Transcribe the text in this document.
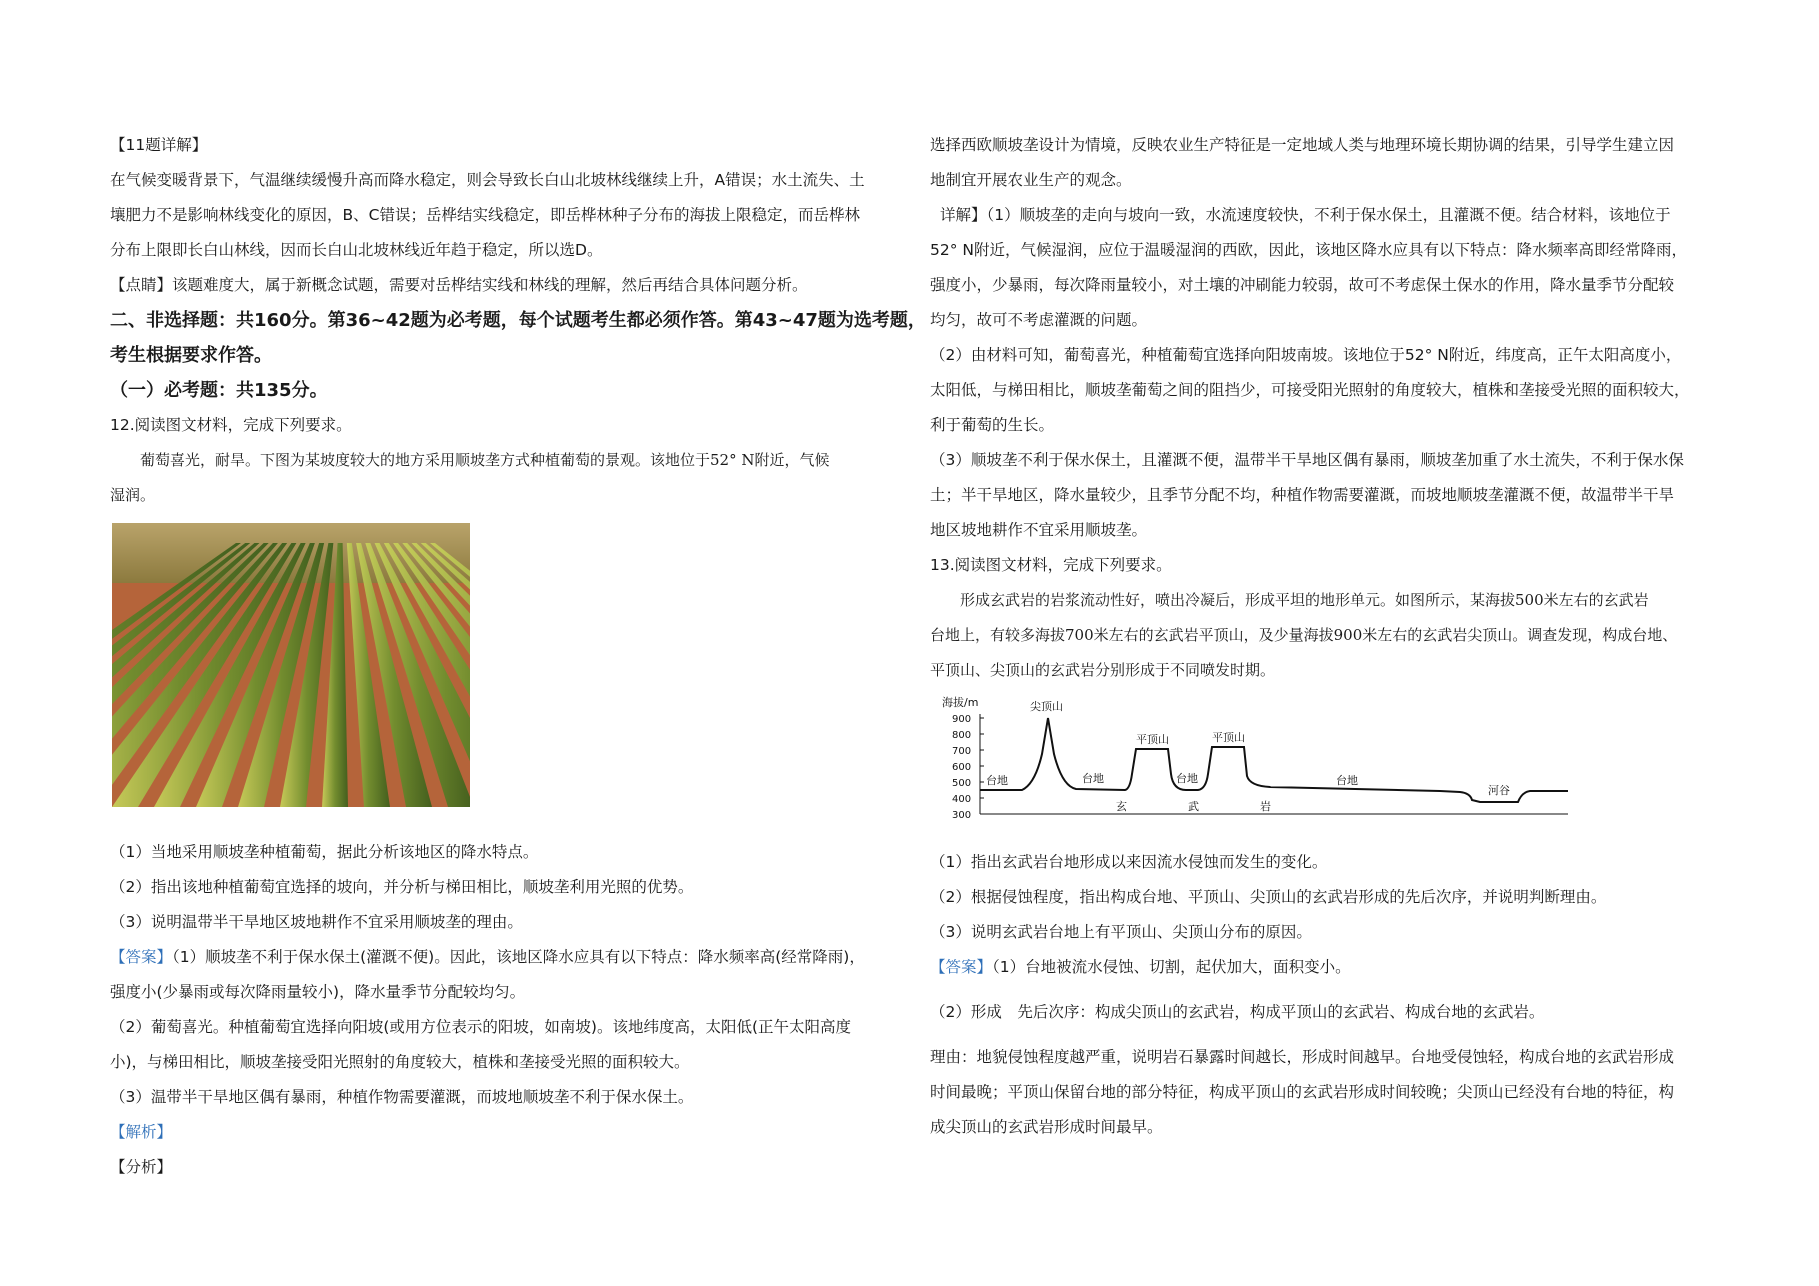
【11题详解】
在气候变暖背景下，气温继续缓慢升高而降水稳定，则会导致长白山北坡林线继续上升，A错误；水土流失、土
壤肥力不是影响林线变化的原因，B、C错误；岳桦结实线稳定，即岳桦林种子分布的海拔上限稳定，而岳桦林
分布上限即长白山林线，因而长白山北坡林线近年趋于稳定，所以选D。
【点睛】该题难度大，属于新概念试题，需要对岳桦结实线和林线的理解，然后再结合具体问题分析。
二、非选择题：共160分。第36~42题为必考题，每个试题考生都必须作答。第43~47题为选考题，
考生根据要求作答。
（一）必考题：共135分。
12.阅读图文材料，完成下列要求。
葡萄喜光，耐旱。下图为某坡度较大的地方采用顺坡垄方式种植葡萄的景观。该地位于52° N附近，气候
湿润。
（1）当地采用顺坡垄种植葡萄，据此分析该地区的降水特点。
（2）指出该地种植葡萄宜选择的坡向，并分析与梯田相比，顺坡垄利用光照的优势。
（3）说明温带半干旱地区坡地耕作不宜采用顺坡垄的理由。
【答案】（1）顺坡垄不利于保水保土(灌溉不便)。因此，该地区降水应具有以下特点：降水频率高(经常降雨)，
强度小(少暴雨或每次降雨量较小)，降水量季节分配较均匀。
（2）葡萄喜光。种植葡萄宜选择向阳坡(或用方位表示的阳坡，如南坡)。该地纬度高，太阳低(正午太阳高度
小)，与梯田相比，顺坡垄接受阳光照射的角度较大，植株和垄接受光照的面积较大。
（3）温带半干旱地区偶有暴雨，种植作物需要灌溉，而坡地顺坡垄不利于保水保土。
【解析】
【分析】
选择西欧顺坡垄设计为情境，反映农业生产特征是一定地域人类与地理环境长期协调的结果，引导学生建立因
地制宜开展农业生产的观念。
详解】（1）顺坡垄的走向与坡向一致，水流速度较快，不利于保水保土，且灌溉不便。结合材料，该地位于
52° N附近，气候湿润，应位于温暖湿润的西欧，因此，该地区降水应具有以下特点：降水频率高即经常降雨，
强度小，少暴雨，每次降雨量较小，对土壤的冲刷能力较弱，故可不考虑保土保水的作用，降水量季节分配较
均匀，故可不考虑灌溉的问题。
（2）由材料可知，葡萄喜光，种植葡萄宜选择向阳坡南坡。该地位于52° N附近，纬度高，正午太阳高度小，
太阳低，与梯田相比，顺坡垄葡萄之间的阻挡少，可接受阳光照射的角度较大，植株和垄接受光照的面积较大，
利于葡萄的生长。
（3）顺坡垄不利于保水保土，且灌溉不便，温带半干旱地区偶有暴雨，顺坡垄加重了水土流失，不利于保水保
土；半干旱地区，降水量较少，且季节分配不均，种植作物需要灌溉，而坡地顺坡垄灌溉不便，故温带半干旱
地区坡地耕作不宜采用顺坡垄。
13.阅读图文材料，完成下列要求。
形成玄武岩的岩浆流动性好，喷出冷凝后，形成平坦的地形单元。如图所示，某海拔500米左右的玄武岩
台地上，有较多海拔700米左右的玄武岩平顶山，及少量海拔900米左右的玄武岩尖顶山。调查发现，构成台地、
平顶山、尖顶山的玄武岩分别形成于不同喷发时期。
海拔/m
900
800
700
600
500
400
300
尖顶山
平顶山	平顶山
台地	台地	台地	台地
河谷
玄	武	岩
（1）指出玄武岩台地形成以来因流水侵蚀而发生的变化。
（2）根据侵蚀程度，指出构成台地、平顶山、尖顶山的玄武岩形成的先后次序，并说明判断理由。
（3）说明玄武岩台地上有平顶山、尖顶山分布的原因。
【答案】（1）台地被流水侵蚀、切割，起伏加大，面积变小。
（2）形成　先后次序：构成尖顶山的玄武岩，构成平顶山的玄武岩、构成台地的玄武岩。
理由：地貌侵蚀程度越严重，说明岩石暴露时间越长，形成时间越早。台地受侵蚀轻，构成台地的玄武岩形成
时间最晚；平顶山保留台地的部分特征，构成平顶山的玄武岩形成时间较晚；尖顶山已经没有台地的特征，构
成尖顶山的玄武岩形成时间最早。
